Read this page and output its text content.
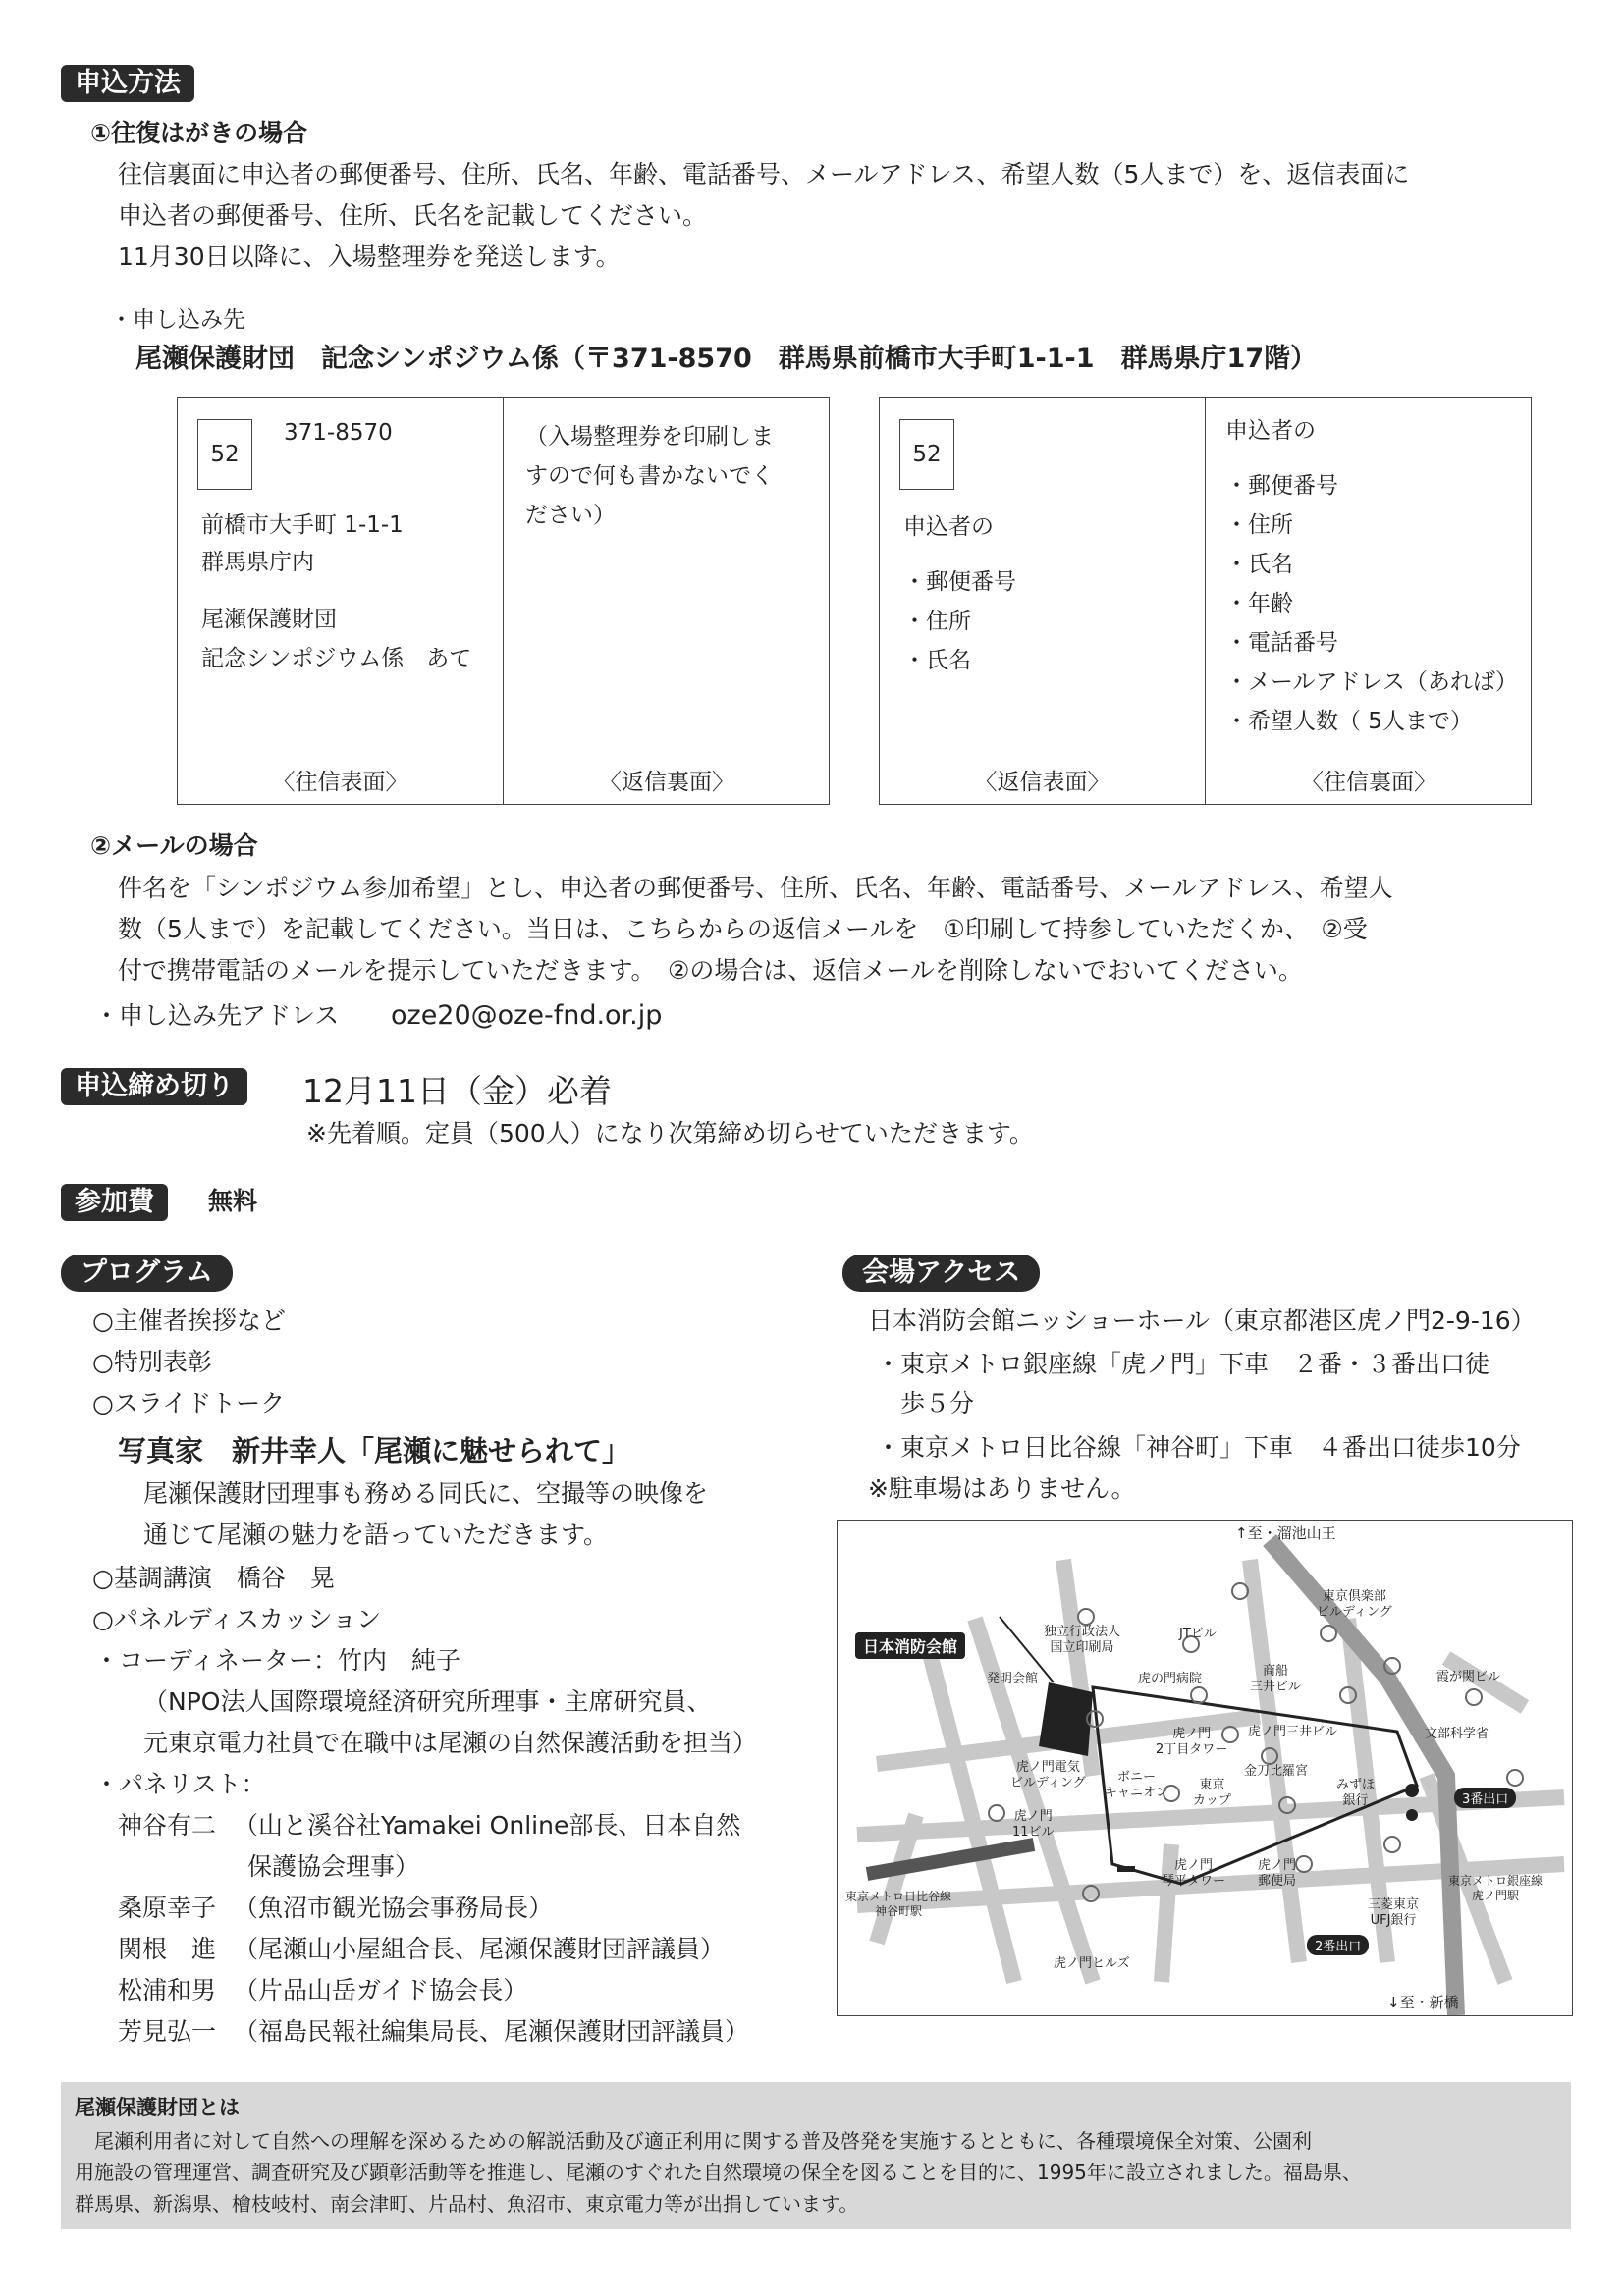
申込方法
①往復はがきの場合
往信裏面に申込者の郵便番号、住所、氏名、年齢、電話番号、メールアドレス、希望人数（5人まで）を、返信表面に
申込者の郵便番号、住所、氏名を記載してください。
11月30日以降に、入場整理券を発送します。
・申し込み先
尾瀬保護財団　記念シンポジウム係（〒371-8570　群馬県前橋市大手町1-1-1　群馬県庁17階）
52
371-8570
前橋市大手町 1-1-1
群馬県庁内
尾瀬保護財団
記念シンポジウム係　あて
〈往信表面〉
（入場整理券を印刷しま
すので何も書かないでく
ださい）
〈返信裏面〉
52
申込者の
・郵便番号
・住所
・氏名
〈返信表面〉
申込者の
・郵便番号
・住所
・氏名
・年齢
・電話番号
・メールアドレス（あれば）
・希望人数（ 5人まで）
〈往信裏面〉
②メールの場合
件名を「シンポジウム参加希望」とし、申込者の郵便番号、住所、氏名、年齢、電話番号、メールアドレス、希望人
数（5人まで）を記載してください。当日は、こちらからの返信メールを　①印刷して持参していただくか、　②受
付で携帯電話のメールを提示していただきます。　②の場合は、返信メールを削除しないでおいてください。
・申し込み先アドレス oze20@oze-fnd.or.jp
申込締め切り	12月11日（金）必着
※先着順。定員（500人）になり次第締め切らせていただきます。
参加費	無料
プログラム
○主催者挨拶など
○特別表彰
○スライドトーク
写真家　新井幸人「尾瀬に魅せられて」
尾瀬保護財団理事も務める同氏に、空撮等の映像を
通じて尾瀬の魅力を語っていただきます。
○基調講演　橋谷　晃
○パネルディスカッション
・コーディネーター：竹内　純子
（NPO法人国際環境経済研究所理事・主席研究員、
元東京電力社員で在職中は尾瀬の自然保護活動を担当）
・パネリスト：
神谷有二 （山と溪谷社Yamakei Online部長、日本自然
保護協会理事）
桑原幸子 （魚沼市観光協会事務局長）
関根　進 （尾瀬山小屋組合長、尾瀬保護財団評議員）
松浦和男 （片品山岳ガイド協会長）
芳見弘一 （福島民報社編集局長、尾瀬保護財団評議員）
会場アクセス
日本消防会館ニッショーホール（東京都港区虎ノ門2-9-16）
・東京メトロ銀座線「虎ノ門」下車　２番・３番出口徒
　歩５分
・東京メトロ日比谷線「神谷町」下車　４番出口徒歩10分
※駐車場はありません。
↑至・溜池山王
↓至・新橋
日本消防会館
3番出口
2番出口
東京メトロ日比谷線
神谷町駅
東京メトロ銀座線
虎ノ門駅
東京倶楽部
ビルディング
独立行政法人
国立印刷局
JTビル
霞が関ビル
発明会館	虎の門病院
商船
三井ビル
文部科学省
虎ノ門
2丁目タワー
虎ノ門三井ビル
虎ノ門電気
ビルディング
金刀比羅宮
ボニー
キャニオン
東京
カップ
みずほ
銀行
虎ノ門
11ビル
虎ノ門
琴平タワー
虎ノ門
郵便局
三菱東京
UFJ銀行
虎ノ門ヒルズ
尾瀬保護財団とは
　尾瀬利用者に対して自然への理解を深めるための解説活動及び適正利用に関する普及啓発を実施するとともに、各種環境保全対策、公園利
用施設の管理運営、調査研究及び顕彰活動等を推進し、尾瀬のすぐれた自然環境の保全を図ることを目的に、1995年に設立されました。福島県、
群馬県、新潟県、檜枝岐村、南会津町、片品村、魚沼市、東京電力等が出捐しています。
